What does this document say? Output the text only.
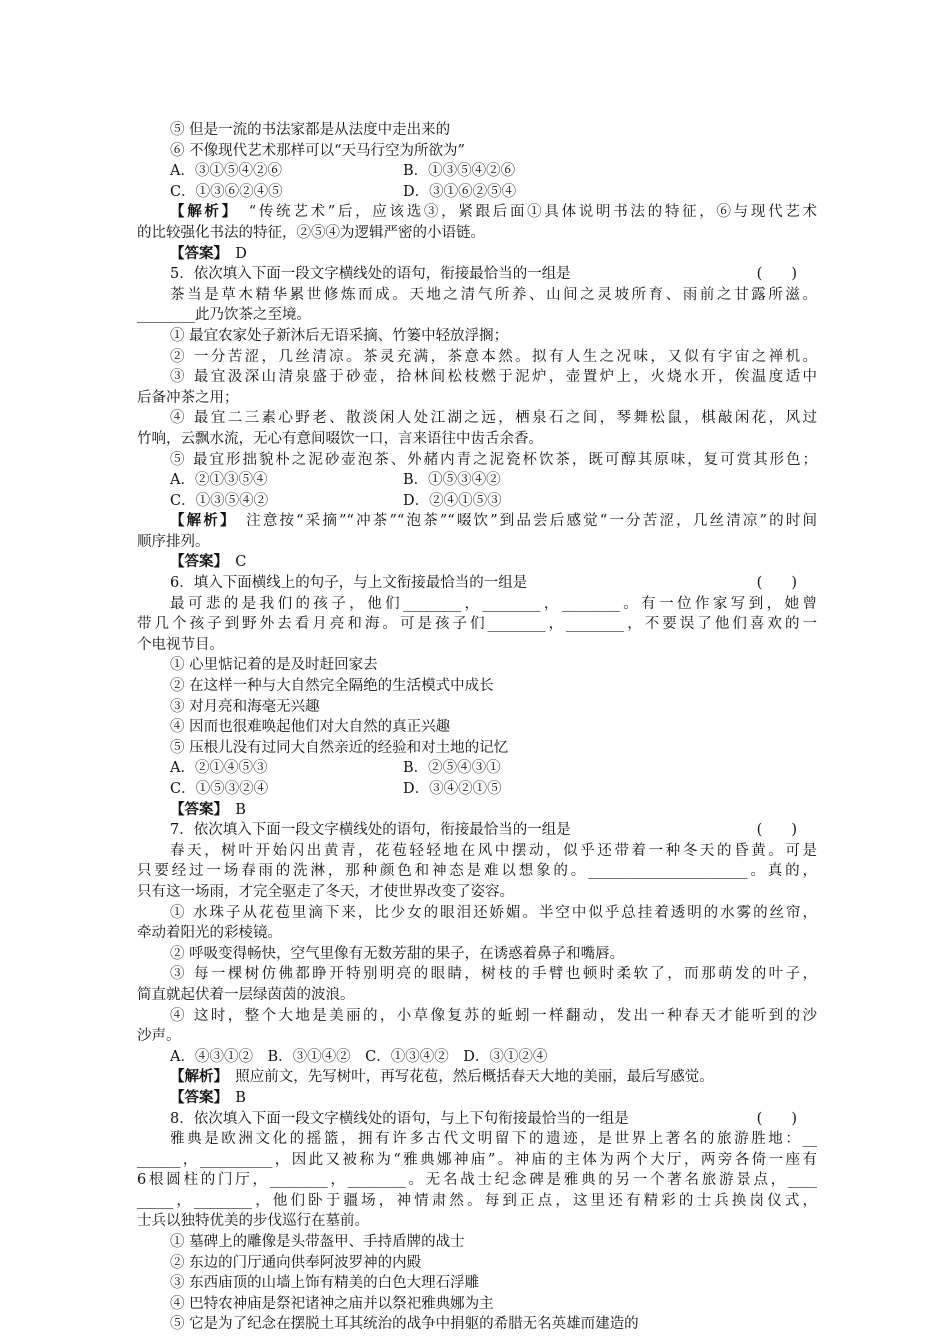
⑤ 但是一流的书法家都是从法度中走出来的
⑥ 不像现代艺术那样可以“天马行空为所欲为”
A．③①⑤④②⑥	B．①③⑤④②⑥
C．①③⑥②④⑤	D．③①⑥②⑤④
【解析】　“传统艺术”后，应该选③，紧跟后面①具体说明书法的特征，⑥与现代艺术
的比较强化书法的特征，②⑤④为逻辑严密的小语链。
【答案】　 D
5．依次填入下面一段文字横线处的语句，衔接最恰当的一组是	(　　)
茶当是草木精华累世修炼而成。天地之清气所养、山间之灵坡所育、雨前之甘露所滋。
________此乃饮茶之至境。
① 最宜农家处子新沐后无语采摘、竹篓中轻放浮搁；
② 一分苦涩，几丝清凉。茶灵充满，茶意本然。拟有人生之况味，又似有宇宙之禅机。
③ 最宜汲深山清泉盛于砂壶，拾林间松枝燃于泥炉，壶置炉上，火烧水开，俟温度适中
后备冲茶之用；
④ 最宜二三素心野老、散淡闲人处江湖之远，栖泉石之间，琴舞松鼠，棋敲闲花，风过
竹响，云飘水流，无心有意间啜饮一口，言来语往中齿舌余香。
⑤ 最宜形拙貌朴之泥砂壶泡茶、外赭内青之泥瓷杯饮茶，既可醇其原味，复可赏其形色；
A．②①③⑤④	B．①⑤③④②
C．①③⑤④②	D．②④①⑤③
【解析】　注意按“采摘”“冲茶”“泡茶”“啜饮”到品尝后感觉“一分苦涩，几丝清凉”的时间
顺序排列。
【答案】　 C
6．填入下面横线上的句子，与上文衔接最恰当的一组是	(　　)
最可悲的是我们的孩子，他们________，________，________。有一位作家写到，她曾
带几个孩子到野外去看月亮和海。可是孩子们________，________，不要误了他们喜欢的一
个电视节目。
① 心里惦记着的是及时赶回家去
② 在这样一种与大自然完全隔绝的生活模式中成长
③ 对月亮和海毫无兴趣
④ 因而也很难唤起他们对大自然的真正兴趣
⑤ 压根儿没有过同大自然亲近的经验和对土地的记忆
A．②①④⑤③	B．②⑤④③①
C．①⑤③②④	D．③④②①⑤
【答案】　 B
7．依次填入下面一段文字横线处的语句，衔接最恰当的一组是	(　　)
春天，树叶开始闪出黄青，花苞轻轻地在风中摆动，似乎还带着一种冬天的昏黄。可是
只要经过一场春雨的洗淋，那种颜色和神态是难以想象的。______________________。真的，
只有这一场雨，才完全驱走了冬天，才使世界改变了姿容。
① 水珠子从花苞里滴下来，比少女的眼泪还娇媚。半空中似乎总挂着透明的水雾的丝帘，
牵动着阳光的彩棱镜。
② 呼吸变得畅快，空气里像有无数芳甜的果子，在诱惑着鼻子和嘴唇。
③ 每一棵树仿佛都睁开特别明亮的眼睛，树枝的手臂也顿时柔软了，而那萌发的叶子，
简直就起伏着一层绿茵茵的波浪。
④ 这时，整个大地是美丽的，小草像复苏的蚯蚓一样翻动，发出一种春天才能听到的沙
沙声。
A．④③①②　B．③①④②　C．①③④②　D．③①②④
【解析】　照应前文，先写树叶，再写花苞，然后概括春天大地的美丽，最后写感觉。
【答案】　 B
8．依次填入下面一段文字横线处的语句，与上下句衔接最恰当的一组是	(　　)
雅典是欧洲文化的摇篮，拥有许多古代文明留下的遗迹，是世界上著名的旅游胜地：__
______，__________，因此又被称为“雅典娜神庙”。神庙的主体为两个大厅，两旁各倚一座有
6根圆柱的门厅，________，________。无名战士纪念碑是雅典的另一个著名旅游景点，____
_____，________，他们卧于疆场，神情肃然。每到正点，这里还有精彩的士兵换岗仪式，
士兵以独特优美的步伐巡行在墓前。
① 墓碑上的雕像是头带盔甲、手持盾牌的战士
② 东边的门厅通向供奉阿波罗神的内殿
③ 东西庙顶的山墙上饰有精美的白色大理石浮雕
④ 巴特农神庙是祭祀诸神之庙并以祭祀雅典娜为主
⑤ 它是为了纪念在摆脱土耳其统治的战争中捐躯的希腊无名英雄而建造的
